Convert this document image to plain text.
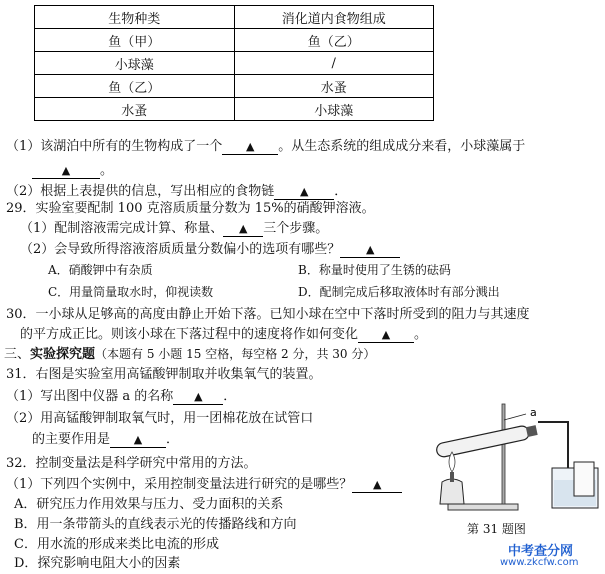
生物种类	消化道内食物组成
鱼（甲）	鱼（乙）
小球藻	/
鱼（乙）	水蚤
水蚤	小球藻
（1）该湖泊中所有的生物构成了一个 ▲ 。从生态系统的组成成分来看，小球藻属于
▲ 。
（2）根据上表提供的信息，写出相应的食物链 ▲ ．
29．实验室要配制 100 克溶质质量分数为 15%的硝酸钾溶液。
（1）配制溶液需完成计算、称量、 ▲ 三个步骤。
（2）会导致所得溶液溶质质量分数偏小的选项有哪些？ ▲
A．硝酸钾中有杂质	B．称量时使用了生锈的砝码
C．用量筒量取水时，仰视读数	D．配制完成后移取液体时有部分溅出
30．一小球从足够高的高度由静止开始下落。已知小球在空中下落时所受到的阻力与其速度
的平方成正比。则该小球在下落过程中的速度将作如何变化 ▲ 。
三、实验探究题（本题有 5 小题 15 空格，每空格 2 分，共 30 分）
31．右图是实验室用高锰酸钾制取并收集氧气的装置。
（1）写出图中仪器 a 的名称 ▲ ．
（2）用高锰酸钾制取氧气时，用一团棉花放在试管口
的主要作用是 ▲ ．
32．控制变量法是科学研究中常用的方法。
（1）下列四个实例中，采用控制变量法进行研究的是哪些？ ▲
A．研究压力作用效果与压力、受力面积的关系
B．用一条带箭头的直线表示光的传播路线和方向
C．用水流的形成来类比电流的形成
D．探究影响电阻大小的因素
a
第 31 题图
中考查分网
www.zkcfw.com
